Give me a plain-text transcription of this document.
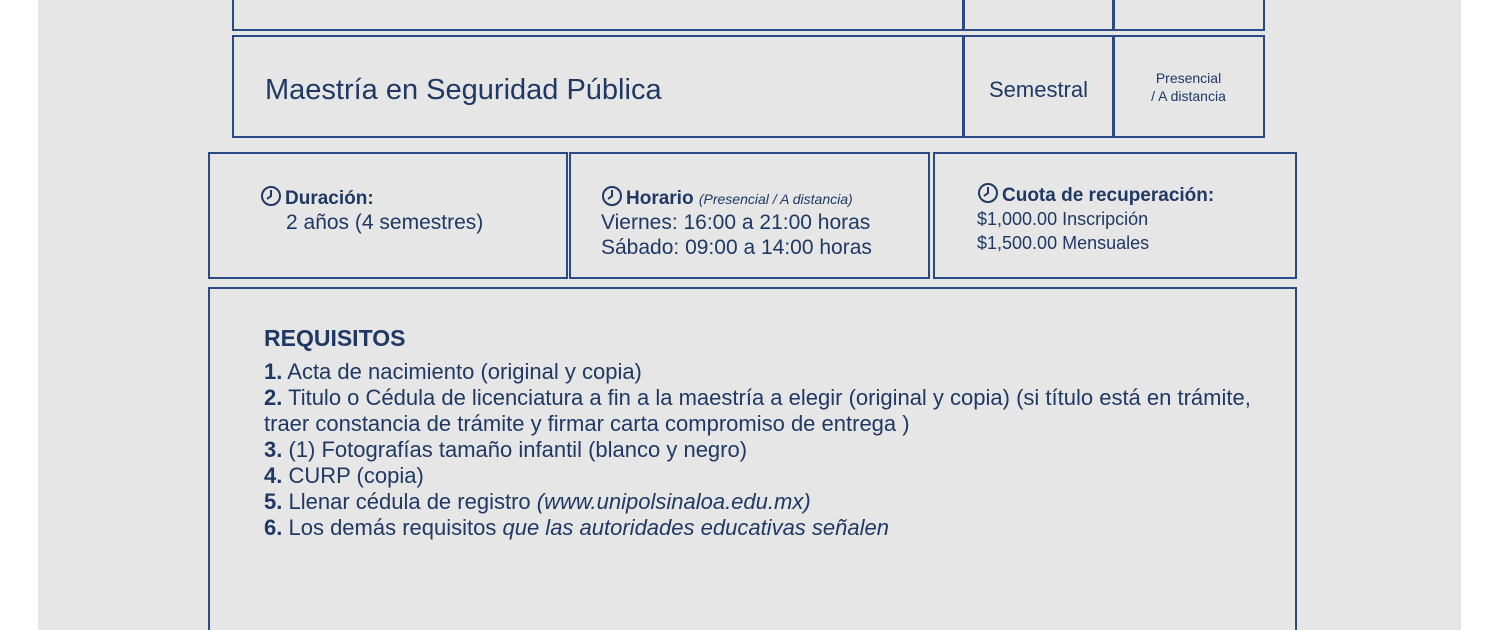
Maestría en Seguridad Pública	Semestral	Presencial
/ A distancia
Duración:
2 años (4 semestres)
Horario (Presencial / A distancia)
Viernes: 16:00 a 21:00 horas
Sábado: 09:00 a 14:00 horas
Cuota de recuperación:
$1,000.00 Inscripción
$1,500.00 Mensuales
REQUISITOS
1. Acta de nacimiento (original y copia)
2. Titulo o Cédula de licenciatura a fin a la maestría a elegir (original y copia) (si título está en trámite, traer constancia de trámite y firmar carta compromiso de entrega )
3. (1) Fotografías tamaño infantil (blanco y negro)
4. CURP (copia)
5. Llenar cédula de registro (www.unipolsinaloa.edu.mx)
6. Los demás requisitos que las autoridades educativas señalen
